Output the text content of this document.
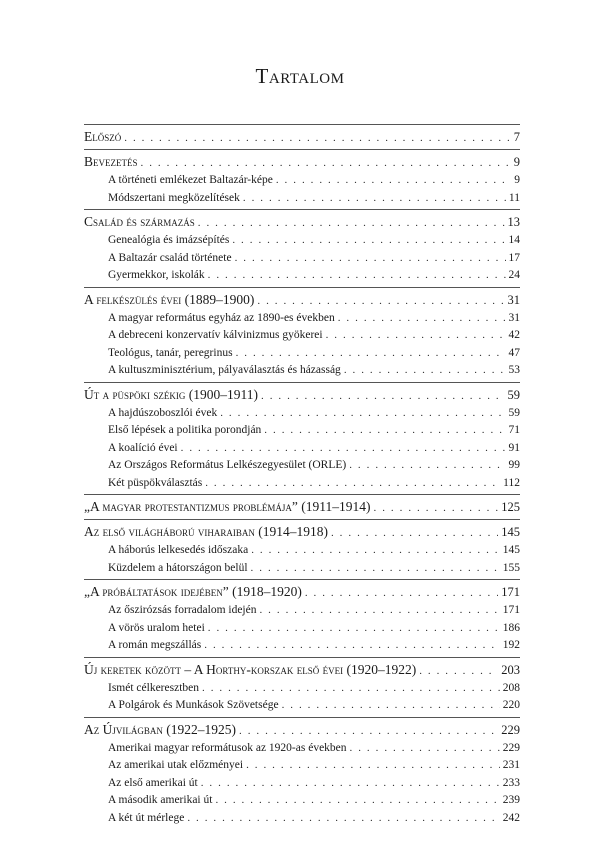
Tartalom
Előszó . . .	7
Bevezetés . . .	9
A történeti emlékezet Baltazár-képe . . .	9
Módszertani megközelítések . . .	11
Család és származás . . .	13
Genealógia és imázsépítés . . .	14
A Baltazár család története . . .	17
Gyermekkor, iskolák . . .	24
A felkészülés évei (1889–1900) . . .	31
A magyar református egyház az 1890-es években . . .	31
A debreceni konzervatív kálvinizmus gyökerei . . .	42
Teológus, tanár, peregrinus . . .	47
A kultuszminisztérium, pályaválasztás és házasság . . .	53
Út a püspöki székig (1900–1911) . . .	59
A hajdúszoboszlói évek . . .	59
Első lépések a politika porondján . . .	71
A koalíció évei . . .	91
Az Országos Református Lelkészegyesület (ORLE) . . .	99
Két püspökválasztás . . .	112
„A magyar protestantizmus problémája” (1911–1914) . . .	125
Az első világháború viharaiban (1914–1918) . . .	145
A háborús lelkesedés időszaka . . .	145
Küzdelem a hátországon belül . . .	155
„A próbáltatások idejében” (1918–1920) . . .	171
Az őszirózsás forradalom idején . . .	171
A vörös uralom hetei . . .	186
A román megszállás . . .	192
Új keretek között – A Horthy-korszak első évei (1920–1922) . . .	203
Ismét célkeresztben . . .	208
A Polgárok és Munkások Szövetsége . . .	220
Az Újvilágban (1922–1925) . . .	229
Amerikai magyar reformátusok az 1920-as években . . .	229
Az amerikai utak előzményei . . .	231
Az első amerikai út . . .	233
A második amerikai út . . .	239
A két út mérlege . . .	242
